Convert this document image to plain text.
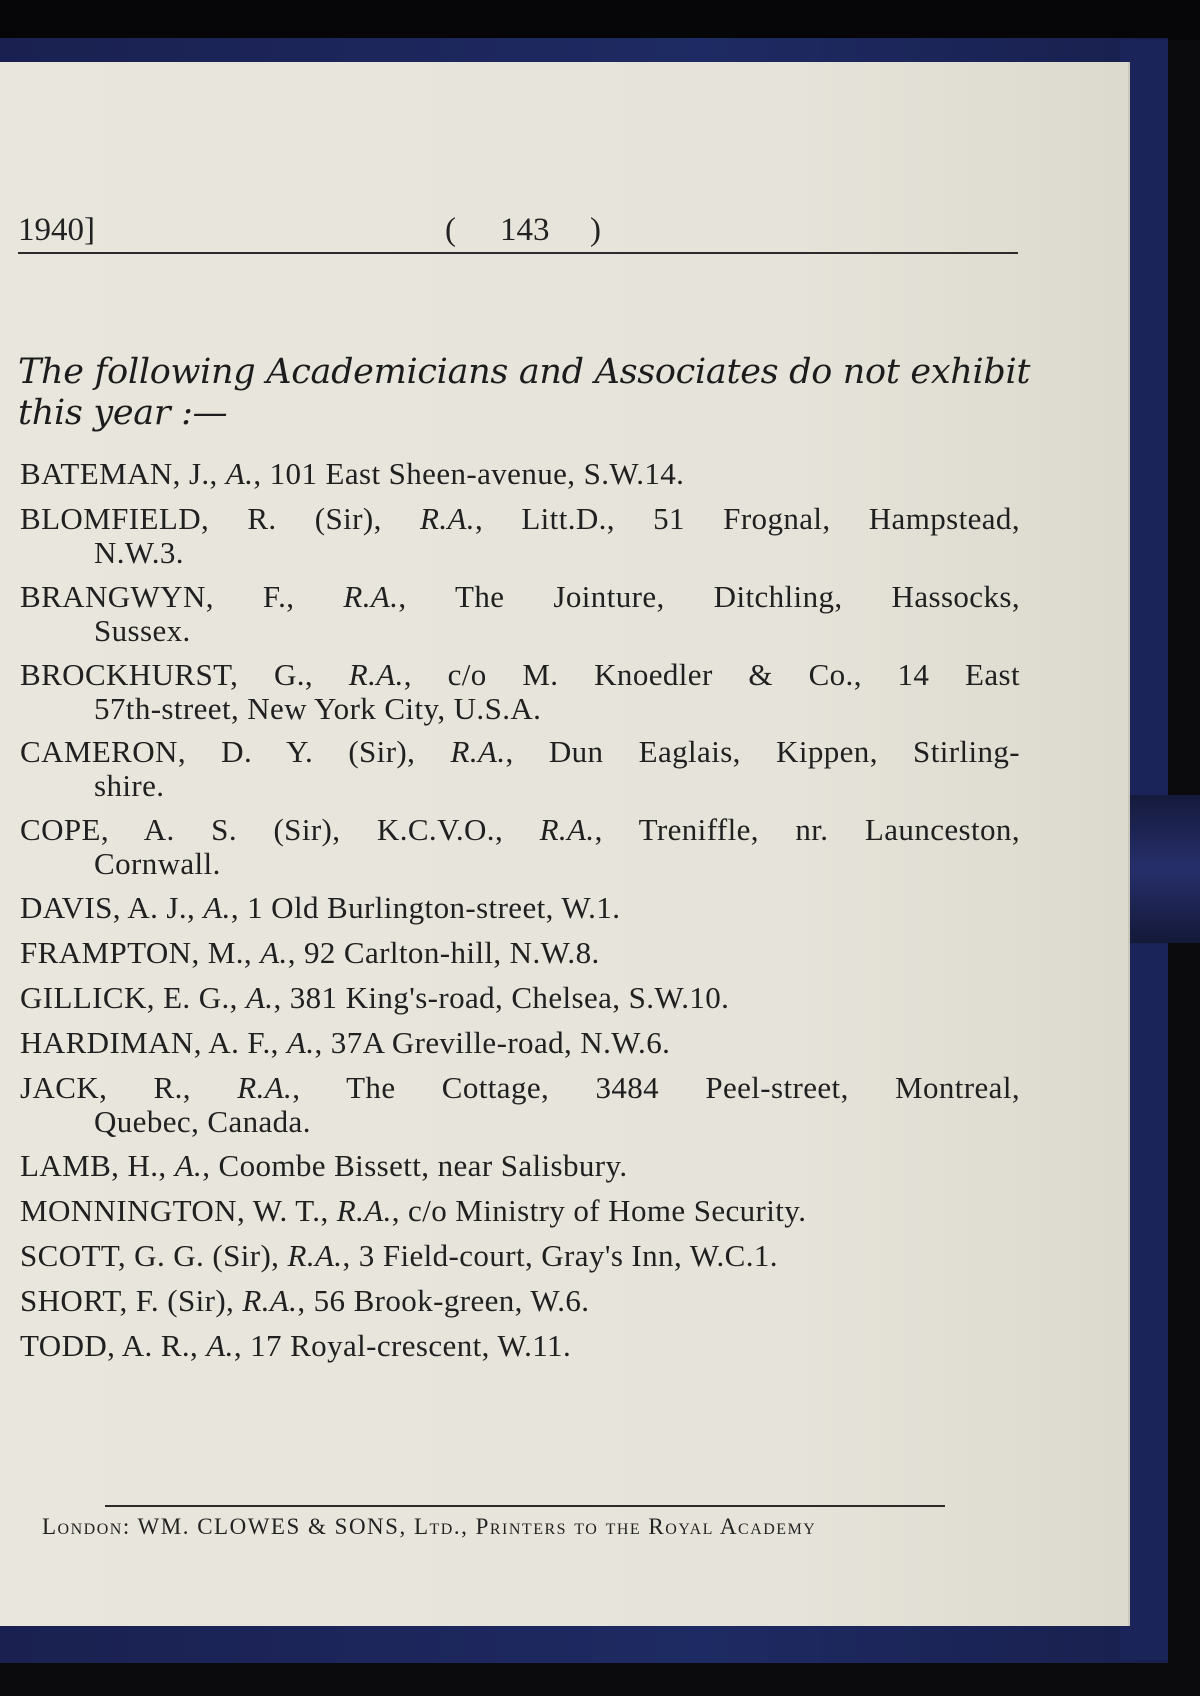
1940]	( 143 )
The following Academicians and Associates do not exhibit
this year :—
BATEMAN, J., A., 101 East Sheen-avenue, S.W.14.
BLOMFIELD, R. (Sir), R.A., Litt.D., 51 Frognal, Hampstead,
N.W.3.
BRANGWYN, F., R.A., The Jointure, Ditchling, Hassocks,
Sussex.
BROCKHURST, G., R.A., c/o M. Knoedler & Co., 14 East
57th-street, New York City, U.S.A.
CAMERON, D. Y. (Sir), R.A., Dun Eaglais, Kippen, Stirling-
shire.
COPE, A. S. (Sir), K.C.V.O., R.A., Treniffle, nr. Launceston,
Cornwall.
DAVIS, A. J., A., 1 Old Burlington-street, W.1.
FRAMPTON, M., A., 92 Carlton-hill, N.W.8.
GILLICK, E. G., A., 381 King's-road, Chelsea, S.W.10.
HARDIMAN, A. F., A., 37A Greville-road, N.W.6.
JACK, R., R.A., The Cottage, 3484 Peel-street, Montreal,
Quebec, Canada.
LAMB, H., A., Coombe Bissett, near Salisbury.
MONNINGTON, W. T., R.A., c/o Ministry of Home Security.
SCOTT, G. G. (Sir), R.A., 3 Field-court, Gray's Inn, W.C.1.
SHORT, F. (Sir), R.A., 56 Brook-green, W.6.
TODD, A. R., A., 17 Royal-crescent, W.11.
London: WM. CLOWES & SONS, Ltd., Printers to the Royal Academy
